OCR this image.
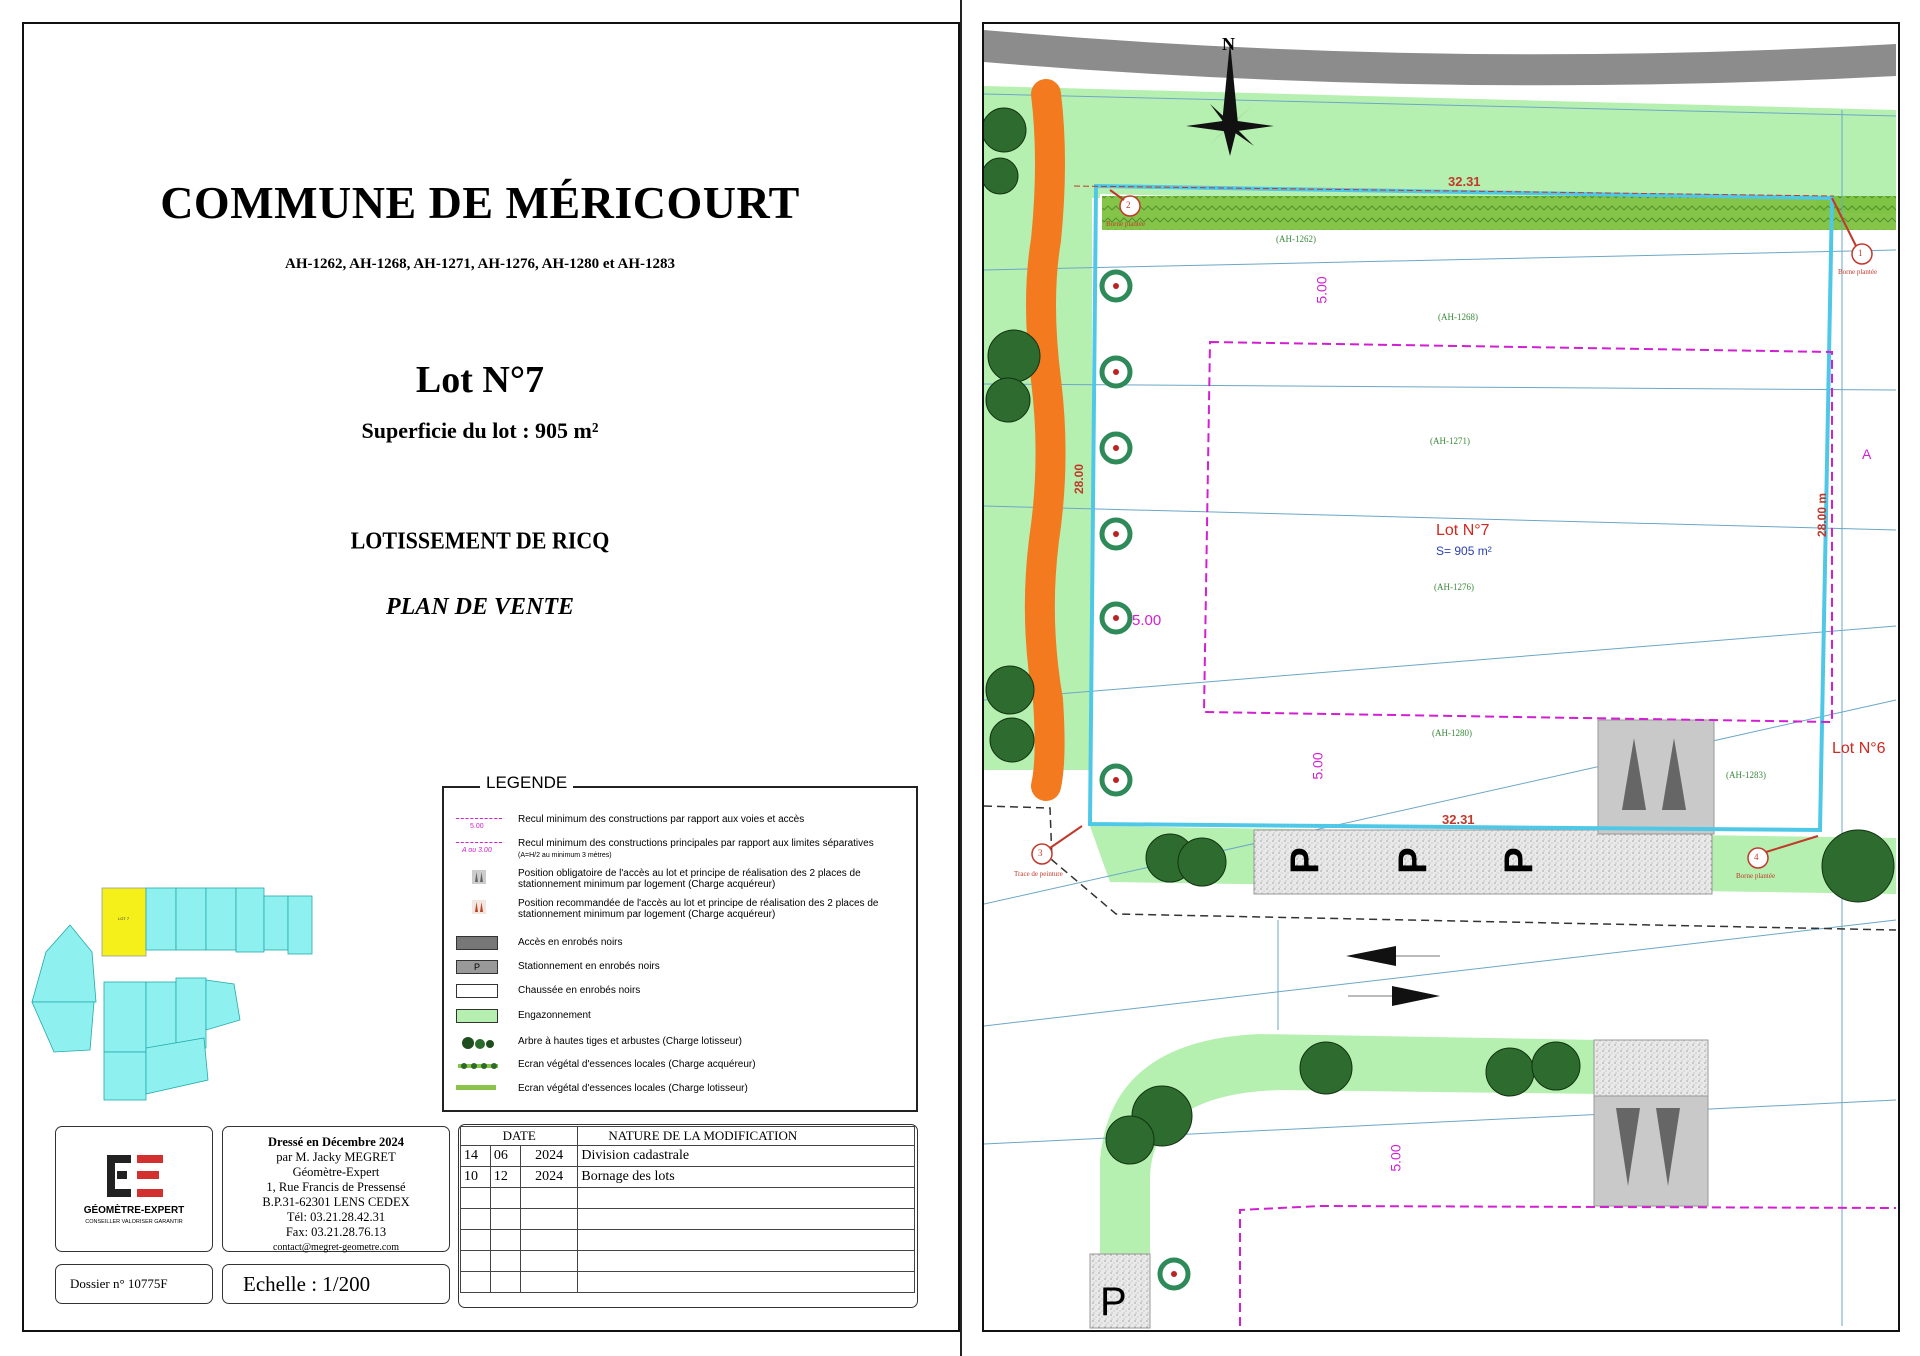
COMMUNE DE MÉRICOURT
AH-1262, AH-1268, AH-1271, AH-1276, AH-1280 et AH-1283
Lot N°7
Superficie du lot : 905 m²
LOTISSEMENT DE RICQ
PLAN DE VENTE
LOT 7
LEGENDE
5.00
Recul minimum des constructions par rapport aux voies et accès
A ou 3.00
Recul minimum des constructions principales par rapport aux limites séparatives
(A=H/2 au minimum 3 mètres)
Position obligatoire de l'accès au lot et principe de réalisation des 2 places de stationnement minimum par logement (Charge acquéreur)
Position recommandée de l'accès au lot et principe de réalisation des 2 places de stationnement minimum par logement (Charge acquéreur)
Accès en enrobés noirs
P	Stationnement en enrobés noirs
Chaussée en enrobés noirs
Engazonnement
Arbre à hautes tiges et arbustes (Charge lotisseur)
Ecran végétal d'essences locales (Charge acquéreur)
Ecran végétal d'essences locales (Charge lotisseur)
GÉOMÈTRE-EXPERT
CONSEILLER VALORISER GARANTIR
Dressé en Décembre 2024
par M. Jacky MEGRET
Géomètre-Expert
1, Rue Francis de Pressensé
B.P.31-62301 LENS CEDEX
Tél: 03.21.28.42.31
Fax: 03.21.28.76.13
contact@megret-geometre.com
Dossier n° 10775F	Echelle : 1/200
DATE			NATURE DE LA MODIFICATION
14	06	2024	Division cadastrale
10	12	2024	Bornage des lots

N
32.31
32.31
28.00
28.00 m
5.00
5.00
5.00
5.00
A
Lot N°7
S= 905 m²
Lot N°6
(AH-1262)
(AH-1268)
(AH-1271)
(AH-1276)
(AH-1280)
(AH-1283)
1
2
3	4
Borne plantée
Borne plantée
Borne plantée
Trace de peinture
P P P
P
